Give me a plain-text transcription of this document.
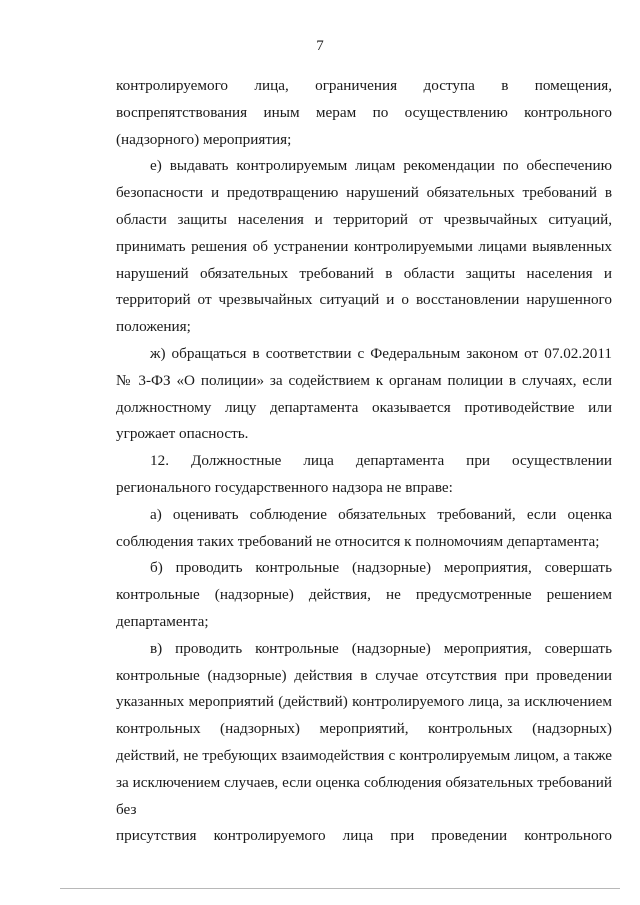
7

контролируемого лица, ограничения доступа в помещения,

воспрепятствования иным мерам по осуществлению контрольного

(надзорного) мероприятия;

е) выдавать контролируемым лицам рекомендации по обеспечению безопасности и предотвращению нарушений обязательных требований в области защиты населения и территорий от чрезвычайных ситуаций, принимать решения об устранении контролируемыми лицами выявленных нарушений обязательных требований в области защиты населения и территорий от чрезвычайных ситуаций и о восстановлении нарушенного положения;

ж) обращаться в соответствии с Федеральным законом от 07.02.2011 № 3-ФЗ «О полиции» за содействием к органам полиции в случаях, если должностному лицу департамента оказывается противодействие или угрожает опасность.

12. Должностные лица департамента при осуществлении регионального государственного надзора не вправе:

а) оценивать соблюдение обязательных требований, если оценка соблюдения таких требований не относится к полномочиям департамента;

б) проводить контрольные (надзорные) мероприятия, совершать контрольные (надзорные) действия, не предусмотренные решением департамента;

в) проводить контрольные (надзорные) мероприятия, совершать контрольные (надзорные) действия в случае отсутствия при проведении указанных мероприятий (действий) контролируемого лица, за исключением контрольных (надзорных) мероприятий, контрольных (надзорных) действий, не требующих взаимодействия с контролируемым лицом, а также за исключением случаев, если оценка соблюдения обязательных требований без

присутствия контролируемого лица при проведении контрольного
